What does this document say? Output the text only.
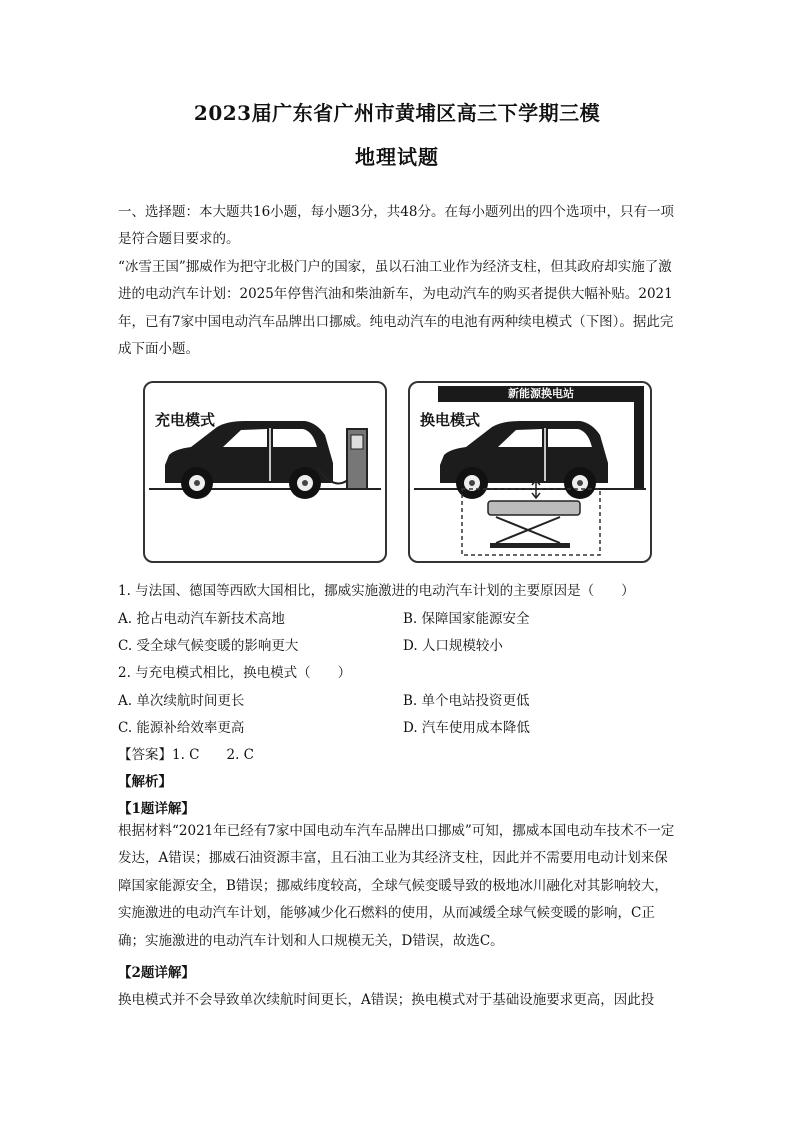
2023届广东省广州市黄埔区高三下学期三模
地理试题
一、选择题：本大题共16小题，每小题3分，共48分。在每小题列出的四个选项中，只有一项是符合题目要求的。
“冰雪王国”挪威作为把守北极门户的国家，虽以石油工业作为经济支柱，但其政府却实施了激进的电动汽车计划：2025年停售汽油和柴油新车，为电动汽车的购买者提供大幅补贴。2021年，已有7家中国电动汽车品牌出口挪威。纯电动汽车的电池有两种续电模式（下图）。据此完成下面小题。
充电模式
新能源换电站
换电模式
1. 与法国、德国等西欧大国相比，挪威实施激进的电动汽车计划的主要原因是（　　）
A. 抢占电动汽车新技术高地	B. 保障国家能源安全
C. 受全球气候变暖的影响更大	D. 人口规模较小
2. 与充电模式相比，换电模式（　　）
A. 单次续航时间更长	B. 单个电站投资更低
C. 能源补给效率更高	D. 汽车使用成本降低
【答案】1. C　　2. C
【解析】
【1题详解】
根据材料“2021年已经有7家中国电动车汽车品牌出口挪威”可知，挪威本国电动车技术不一定发达，A错误；挪威石油资源丰富，且石油工业为其经济支柱，因此并不需要用电动计划来保障国家能源安全，B错误；挪威纬度较高，全球气候变暖导致的极地冰川融化对其影响较大，实施激进的电动汽车计划，能够减少化石燃料的使用，从而减缓全球气候变暖的影响，C正确；实施激进的电动汽车计划和人口规模无关，D错误，故选C。
【2题详解】
换电模式并不会导致单次续航时间更长，A错误；换电模式对于基础设施要求更高，因此投
